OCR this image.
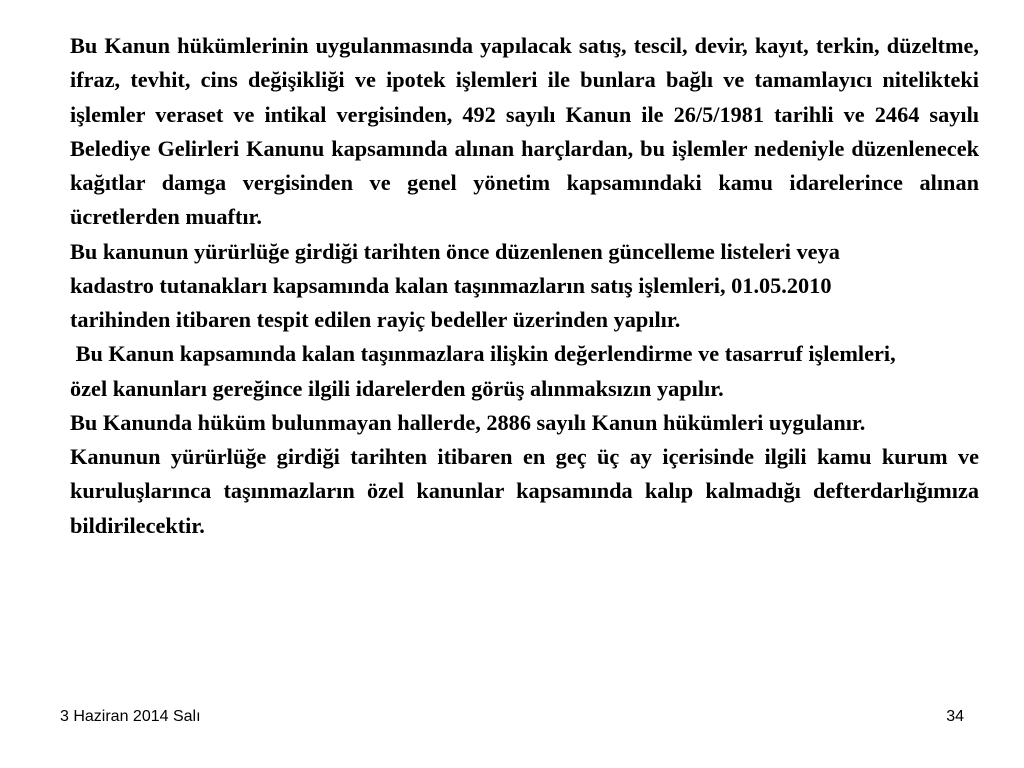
Bu Kanun hükümlerinin uygulanmasında yapılacak satış, tescil, devir, kayıt, terkin, düzeltme, ifraz, tevhit, cins değişikliği ve ipotek işlemleri ile bunlara bağlı ve tamamlayıcı nitelikteki işlemler veraset ve intikal vergisinden, 492 sayılı Kanun ile 26/5/1981 tarihli ve 2464 sayılı Belediye Gelirleri Kanunu kapsamında alınan harçlardan, bu işlemler nedeniyle düzenlenecek kağıtlar damga vergisinden ve genel yönetim kapsamındaki kamu idarelerince alınan ücretlerden muaftır.

Bu kanunun yürürlüğe girdiği tarihten önce düzenlenen güncelleme listeleri veya kadastro tutanakları kapsamında kalan taşınmazların satış işlemleri, 01.05.2010 tarihinden itibaren tespit edilen rayiç bedeller üzerinden yapılır.

Bu Kanun kapsamında kalan taşınmazlara ilişkin değerlendirme ve tasarruf işlemleri, özel kanunları gereğince ilgili idarelerden görüş alınmaksızın yapılır.

Bu Kanunda hüküm bulunmayan hallerde, 2886 sayılı Kanun hükümleri uygulanır.

Kanunun yürürlüğe girdiği tarihten itibaren en geç üç ay içerisinde ilgili kamu kurum ve kuruluşlarınca taşınmazların özel kanunlar kapsamında kalıp kalmadığı defterdarlığımıza bildirilecektir.

3 Haziran 2014 Salı	34
